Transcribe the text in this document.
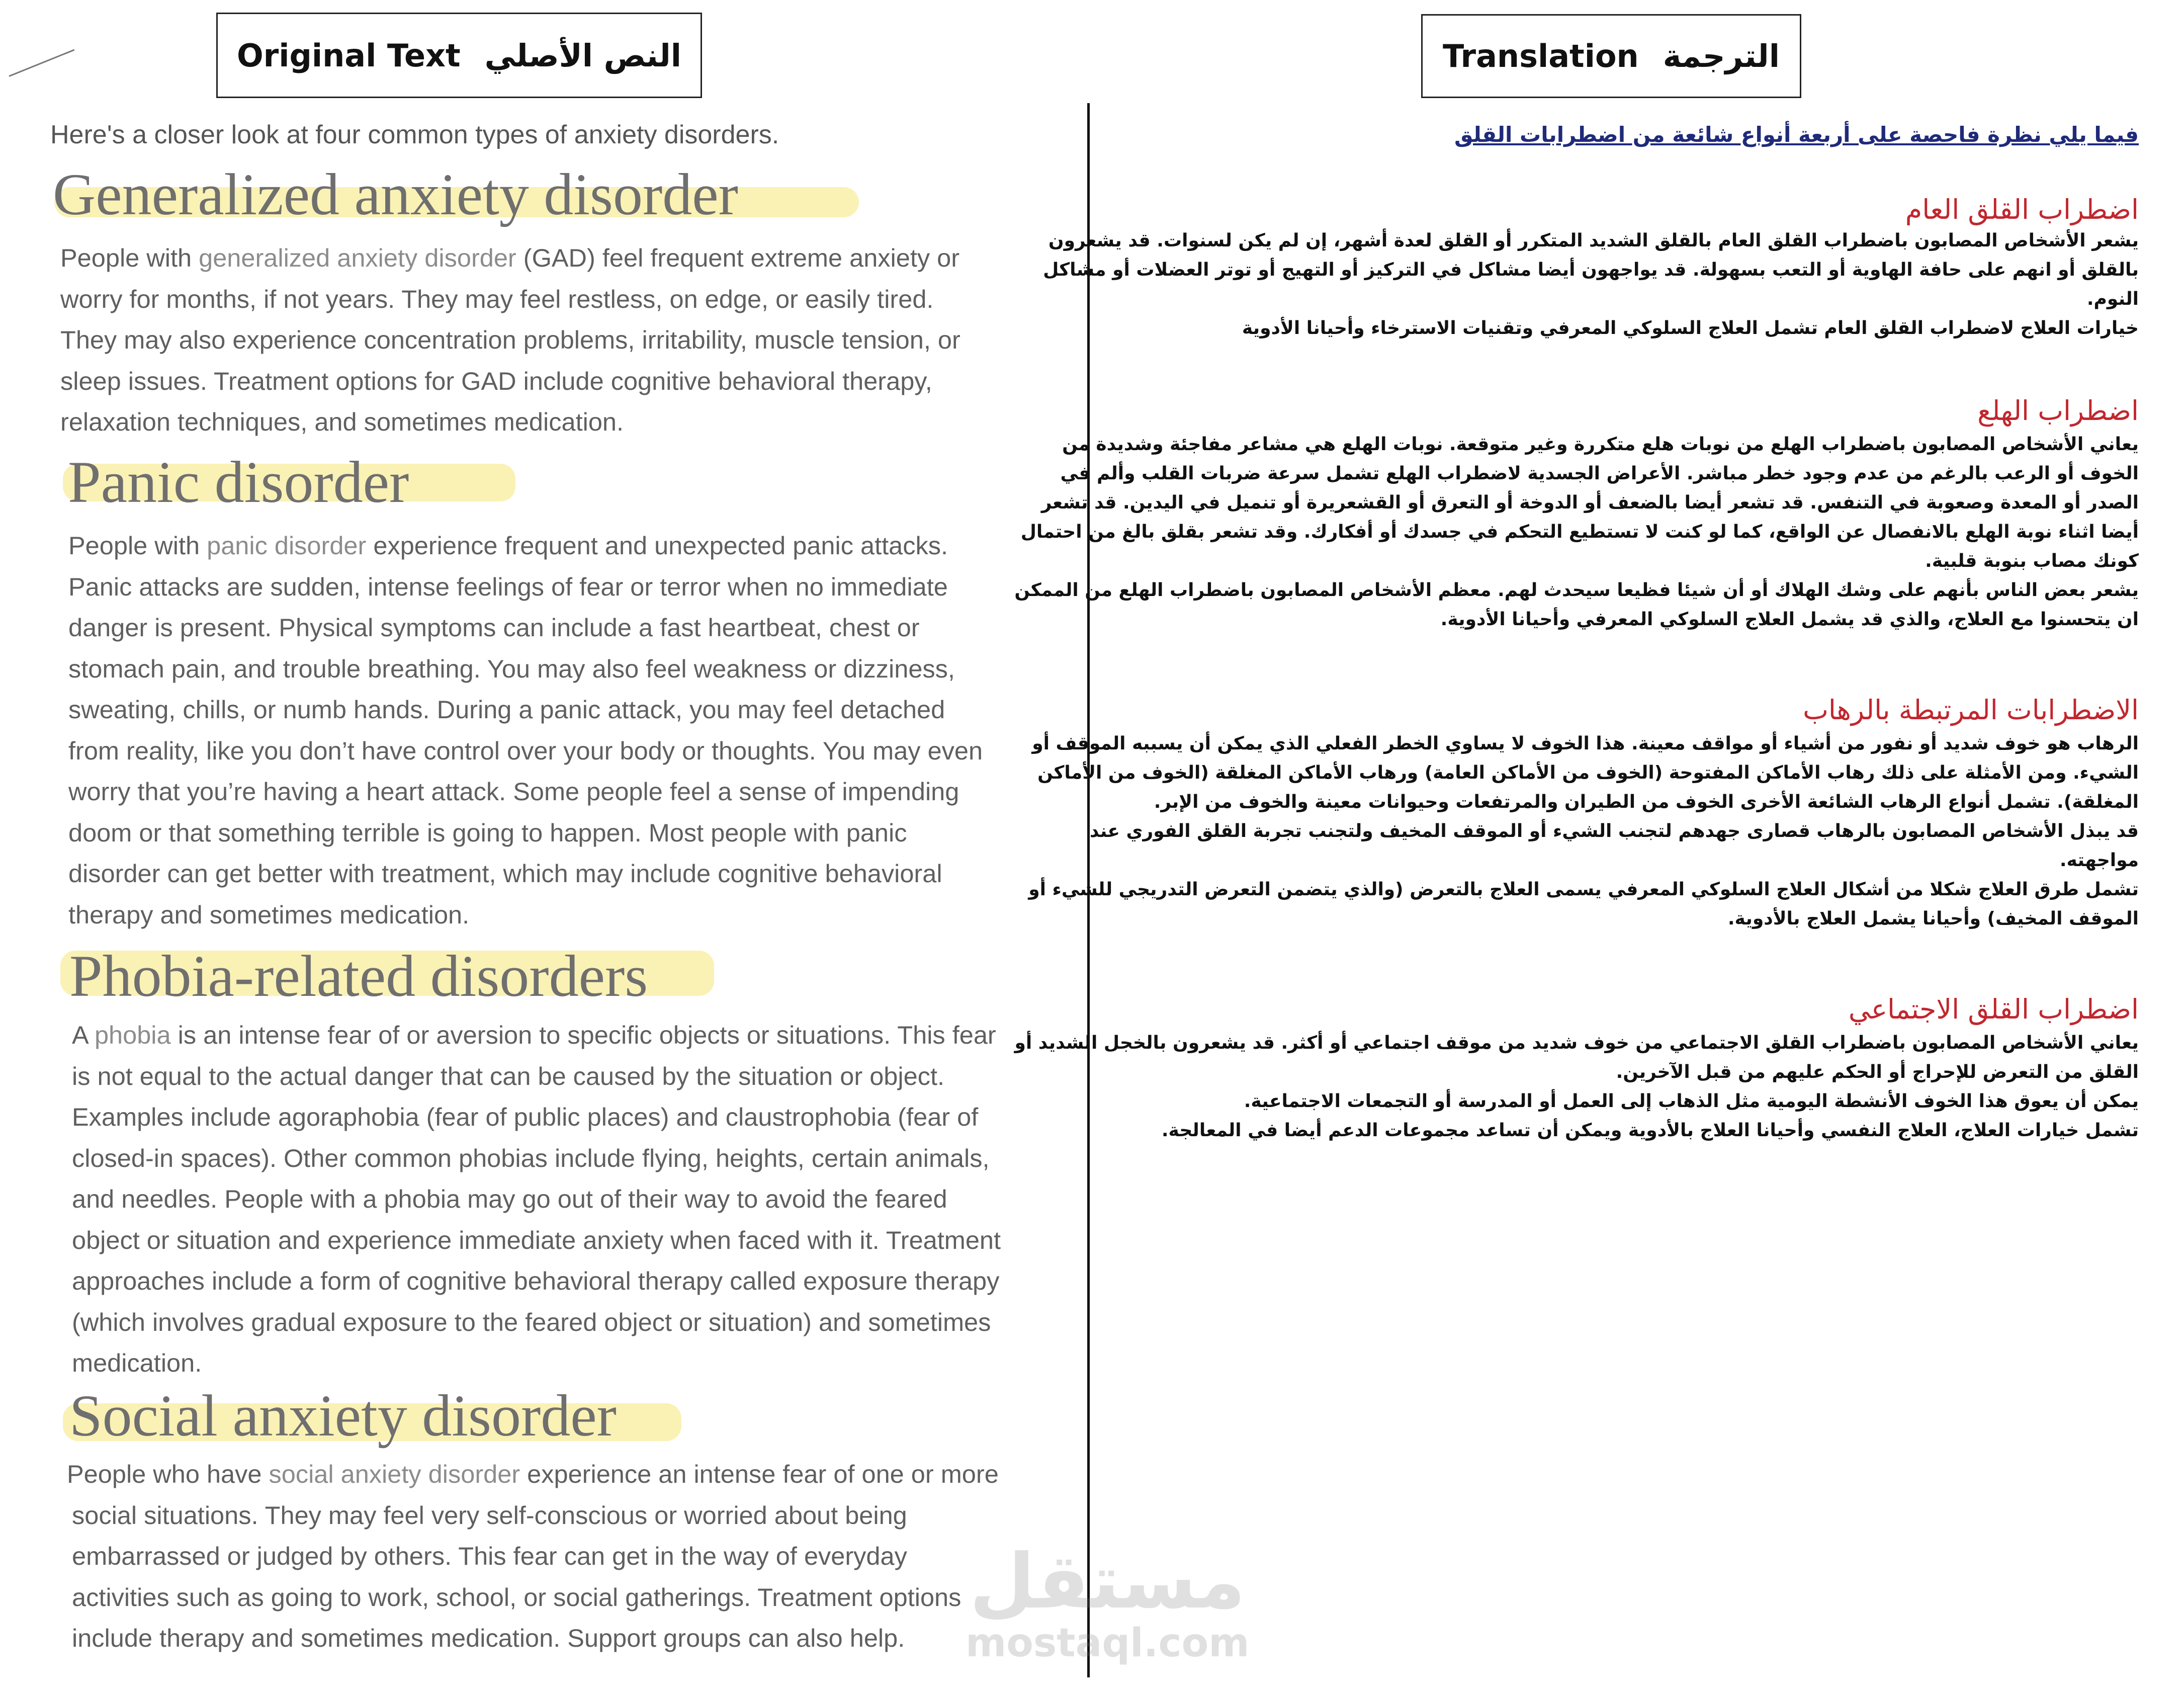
Original Text النص الأصلي	Translation الترجمة
Here's a closer look at four common types of anxiety disorders.
Generalized anxiety disorder
People with generalized anxiety disorder (GAD) feel frequent extreme anxiety or
worry for months, if not years. They may feel restless, on edge, or easily tired.
They may also experience concentration problems, irritability, muscle tension, or
sleep issues. Treatment options for GAD include cognitive behavioral therapy,
relaxation techniques, and sometimes medication.
Panic disorder
People with panic disorder experience frequent and unexpected panic attacks.
Panic attacks are sudden, intense feelings of fear or terror when no immediate
danger is present. Physical symptoms can include a fast heartbeat, chest or
stomach pain, and trouble breathing. You may also feel weakness or dizziness,
sweating, chills, or numb hands. During a panic attack, you may feel detached
from reality, like you don’t have control over your body or thoughts. You may even
worry that you’re having a heart attack. Some people feel a sense of impending
doom or that something terrible is going to happen. Most people with panic
disorder can get better with treatment, which may include cognitive behavioral
therapy and sometimes medication.
Phobia-related disorders
A phobia is an intense fear of or aversion to specific objects or situations. This fear
is not equal to the actual danger that can be caused by the situation or object.
Examples include agoraphobia (fear of public places) and claustrophobia (fear of
closed-in spaces). Other common phobias include flying, heights, certain animals,
and needles. People with a phobia may go out of their way to avoid the feared
object or situation and experience immediate anxiety when faced with it. Treatment
approaches include a form of cognitive behavioral therapy called exposure therapy
(which involves gradual exposure to the feared object or situation) and sometimes
medication.
Social anxiety disorder
People who have social anxiety disorder experience an intense fear of one or more
social situations. They may feel very self-conscious or worried about being
embarrassed or judged by others. This fear can get in the way of everyday
activities such as going to work, school, or social gatherings. Treatment options
include therapy and sometimes medication. Support groups can also help.
فيما يلي نظرة فاحصة على أربعة أنواع شائعة من اضطرابات القلق
اضطراب القلق العام
يشعر الأشخاص المصابون باضطراب القلق العام بالقلق الشديد المتكرر أو القلق لعدة أشهر، إن لم يكن لسنوات. قد يشعرون
بالقلق أو انهم على حافة الهاوية أو التعب بسهولة. قد يواجهون أيضا مشاكل في التركيز أو التهيج أو توتر العضلات أو مشاكل
النوم.
خيارات العلاج لاضطراب القلق العام تشمل العلاج السلوكي المعرفي وتقنيات الاسترخاء وأحيانا الأدوية
اضطراب الهلع
يعاني الأشخاص المصابون باضطراب الهلع من نوبات هلع متكررة وغير متوقعة. نوبات الهلع هي مشاعر مفاجئة وشديدة من
الخوف أو الرعب بالرغم من عدم وجود خطر مباشر. الأعراض الجسدية لاضطراب الهلع تشمل سرعة ضربات القلب وألم في
الصدر أو المعدة وصعوبة في التنفس. قد تشعر أيضا بالضعف أو الدوخة أو التعرق أو القشعريرة أو تنميل في اليدين. قد تشعر
أيضا اثناء نوبة الهلع بالانفصال عن الواقع، كما لو كنت لا تستطيع التحكم في جسدك أو أفكارك. وقد تشعر بقلق بالغ من احتمال
كونك مصاب بنوبة قلبية.
يشعر بعض الناس بأنهم على وشك الهلاك أو أن شيئا فظيعا سيحدث لهم. معظم الأشخاص المصابون باضطراب الهلع من الممكن
ان يتحسنوا مع العلاج، والذي قد يشمل العلاج السلوكي المعرفي وأحيانا الأدوية.
الاضطرابات المرتبطة بالرهاب
الرهاب هو خوف شديد أو نفور من أشياء أو مواقف معينة. هذا الخوف لا يساوي الخطر الفعلي الذي يمكن أن يسببه الموقف أو
الشيء. ومن الأمثلة على ذلك رهاب الأماكن المفتوحة (الخوف من الأماكن العامة) ورهاب الأماكن المغلقة (الخوف من الأماكن
المغلقة). تشمل أنواع الرهاب الشائعة الأخرى الخوف من الطيران والمرتفعات وحيوانات معينة والخوف من الإبر.
قد يبذل الأشخاص المصابون بالرهاب قصارى جهدهم لتجنب الشيء أو الموقف المخيف ولتجنب تجربة القلق الفوري عند
مواجهته.
تشمل طرق العلاج شكلا من أشكال العلاج السلوكي المعرفي يسمى العلاج بالتعرض (والذي يتضمن التعرض التدريجي للشيء أو
الموقف المخيف) وأحيانا يشمل العلاج بالأدوية.
اضطراب القلق الاجتماعي
يعاني الأشخاص المصابون باضطراب القلق الاجتماعي من خوف شديد من موقف اجتماعي أو أكثر. قد يشعرون بالخجل الشديد أو
القلق من التعرض للإحراج أو الحكم عليهم من قبل الآخرين.
يمكن أن يعوق هذا الخوف الأنشطة اليومية مثل الذهاب إلى العمل أو المدرسة أو التجمعات الاجتماعية.
تشمل خيارات العلاج، العلاج النفسي وأحيانا العلاج بالأدوية ويمكن أن تساعد مجموعات الدعم أيضا في المعالجة.
مستقل
mostaql.com
